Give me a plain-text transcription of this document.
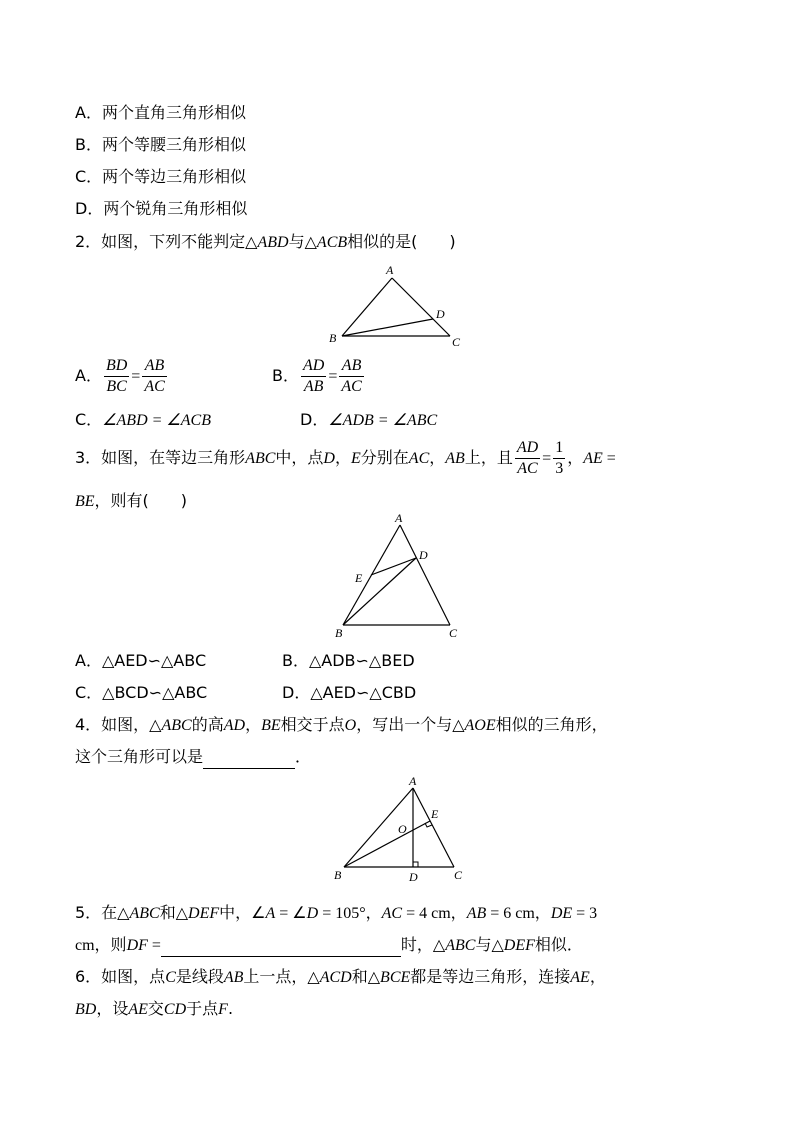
A．两个直角三角形相似
B．两个等腰三角形相似
C．两个等边三角形相似
D．两个锐角三角形相似
2．如图，下列不能判定△ABD与△ACB相似的是(　　)
A
B	C
D
A． $\frac{BD}{BC} = \frac{AB}{AC}$	B． $\frac{AD}{AB} = \frac{AB}{AC}$
C．∠ABD = ∠ACB	D．∠ADB = ∠ABC
3．如图，在等边三角形ABC中，点D，E分别在AC，AB上，且 $\frac{AD}{AC} = \frac{1}{3}$ ，AE =
BE，则有(　　)
A
B	C
D
E
A．△AED∽△ABC	B．△ADB∽△BED
C．△BCD∽△ABC	D．△AED∽△CBD
4．如图，△ABC的高AD，BE相交于点O，写出一个与△AOE相似的三角形，
这个三角形可以是	．
A
B	C
D
E
O
5．在△ABC和△DEF中，∠A = ∠D = 105°，AC = 4 cm，AB = 6 cm，DE = 3
cm，则DF =	时，△ABC与△DEF相似．
6．如图，点C是线段AB上一点，△ACD和△BCE都是等边三角形，连接AE，
BD，设AE交CD于点F.
